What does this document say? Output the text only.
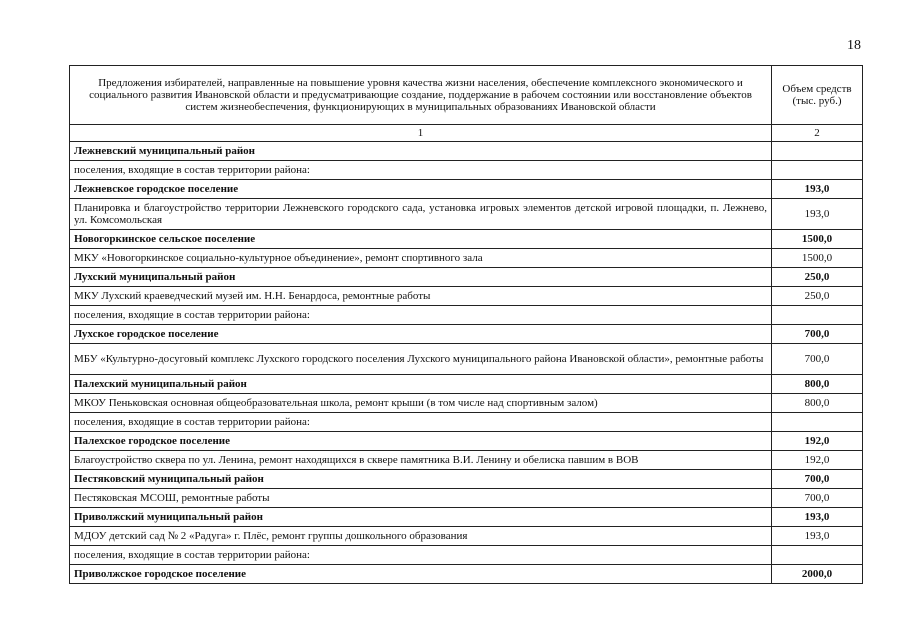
18
Предложения избирателей, направленные на повышение уровня качества жизни населения, обеспечение комплексного экономического и социального развития Ивановской области и предусматривающие создание, поддержание в рабочем состоянии или восстановление объектов систем жизнеобеспечения, функционирующих в муниципальных образованиях Ивановской области	Объем средств (тыс. руб.)
1	2
Лежневский муниципальный район	
поселения, входящие в состав территории района:	
Лежневское городское поселение	193,0
Планировка и благоустройство территории Лежневского городского сада, установка игровых элементов детской игровой площадки, п. Лежнево, ул. Комсомольская	193,0
Новогоркинское сельское поселение	1500,0
МКУ «Новогоркинское социально-культурное объединение», ремонт спортивного зала	1500,0
Лухский муниципальный район	250,0
МКУ Лухский краеведческий музей им. Н.Н. Бенардоса, ремонтные работы	250,0
поселения, входящие в состав территории района:	
Лухское городское поселение	700,0
МБУ «Культурно-досуговый комплекс Лухского городского поселения Лухского муниципального района Ивановской области», ремонтные работы	700,0
Палехский муниципальный район	800,0
МКОУ Пеньковская основная общеобразовательная школа, ремонт крыши (в том числе над спортивным залом)	800,0
поселения, входящие в состав территории района:	
Палехское городское поселение	192,0
Благоустройство сквера по ул. Ленина, ремонт находящихся в сквере памятника В.И. Ленину и обелиска павшим в ВОВ	192,0
Пестяковский муниципальный район	700,0
Пестяковская МСОШ, ремонтные работы	700,0
Приволжский муниципальный район	193,0
МДОУ детский сад № 2 «Радуга» г. Плёс, ремонт группы дошкольного образования	193,0
поселения, входящие в состав территории района:	
Приволжское городское поселение	2000,0
